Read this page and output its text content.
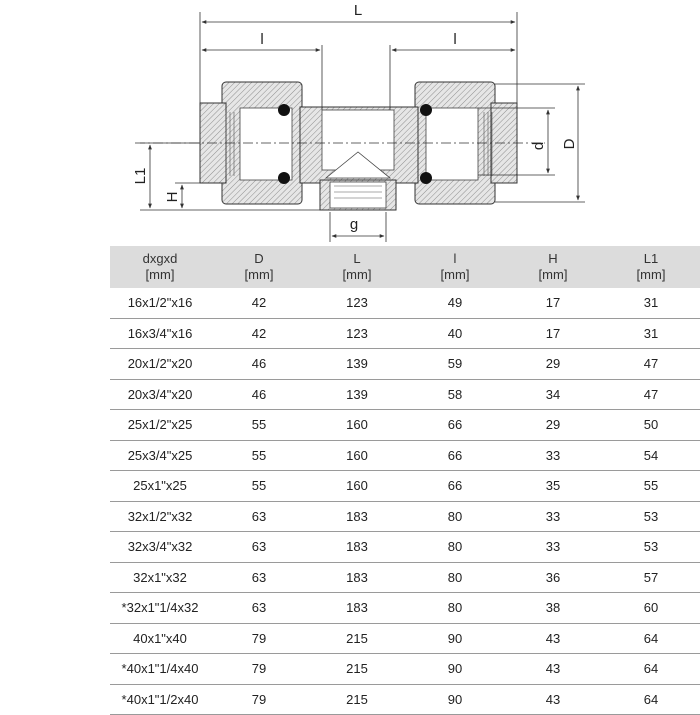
L
l	l
d D
L1
H
g
dxgxd
[mm]	D
[mm]	L
[mm]	l
[mm]	H
[mm]	L1
[mm]

16x1/2"x16	42	123	49	17	31
16x3/4"x16	42	123	40	17	31
20x1/2"x20	46	139	59	29	47
20x3/4"x20	46	139	58	34	47
25x1/2"x25	55	160	66	29	50
25x3/4"x25	55	160	66	33	54
25x1"x25	55	160	66	35	55
32x1/2"x32	63	183	80	33	53
32x3/4"x32	63	183	80	33	53
32x1"x32	63	183	80	36	57
*32x1"1/4x32	63	183	80	38	60
40x1"x40	79	215	90	43	64
*40x1"1/4x40	79	215	90	43	64
*40x1"1/2x40	79	215	90	43	64
